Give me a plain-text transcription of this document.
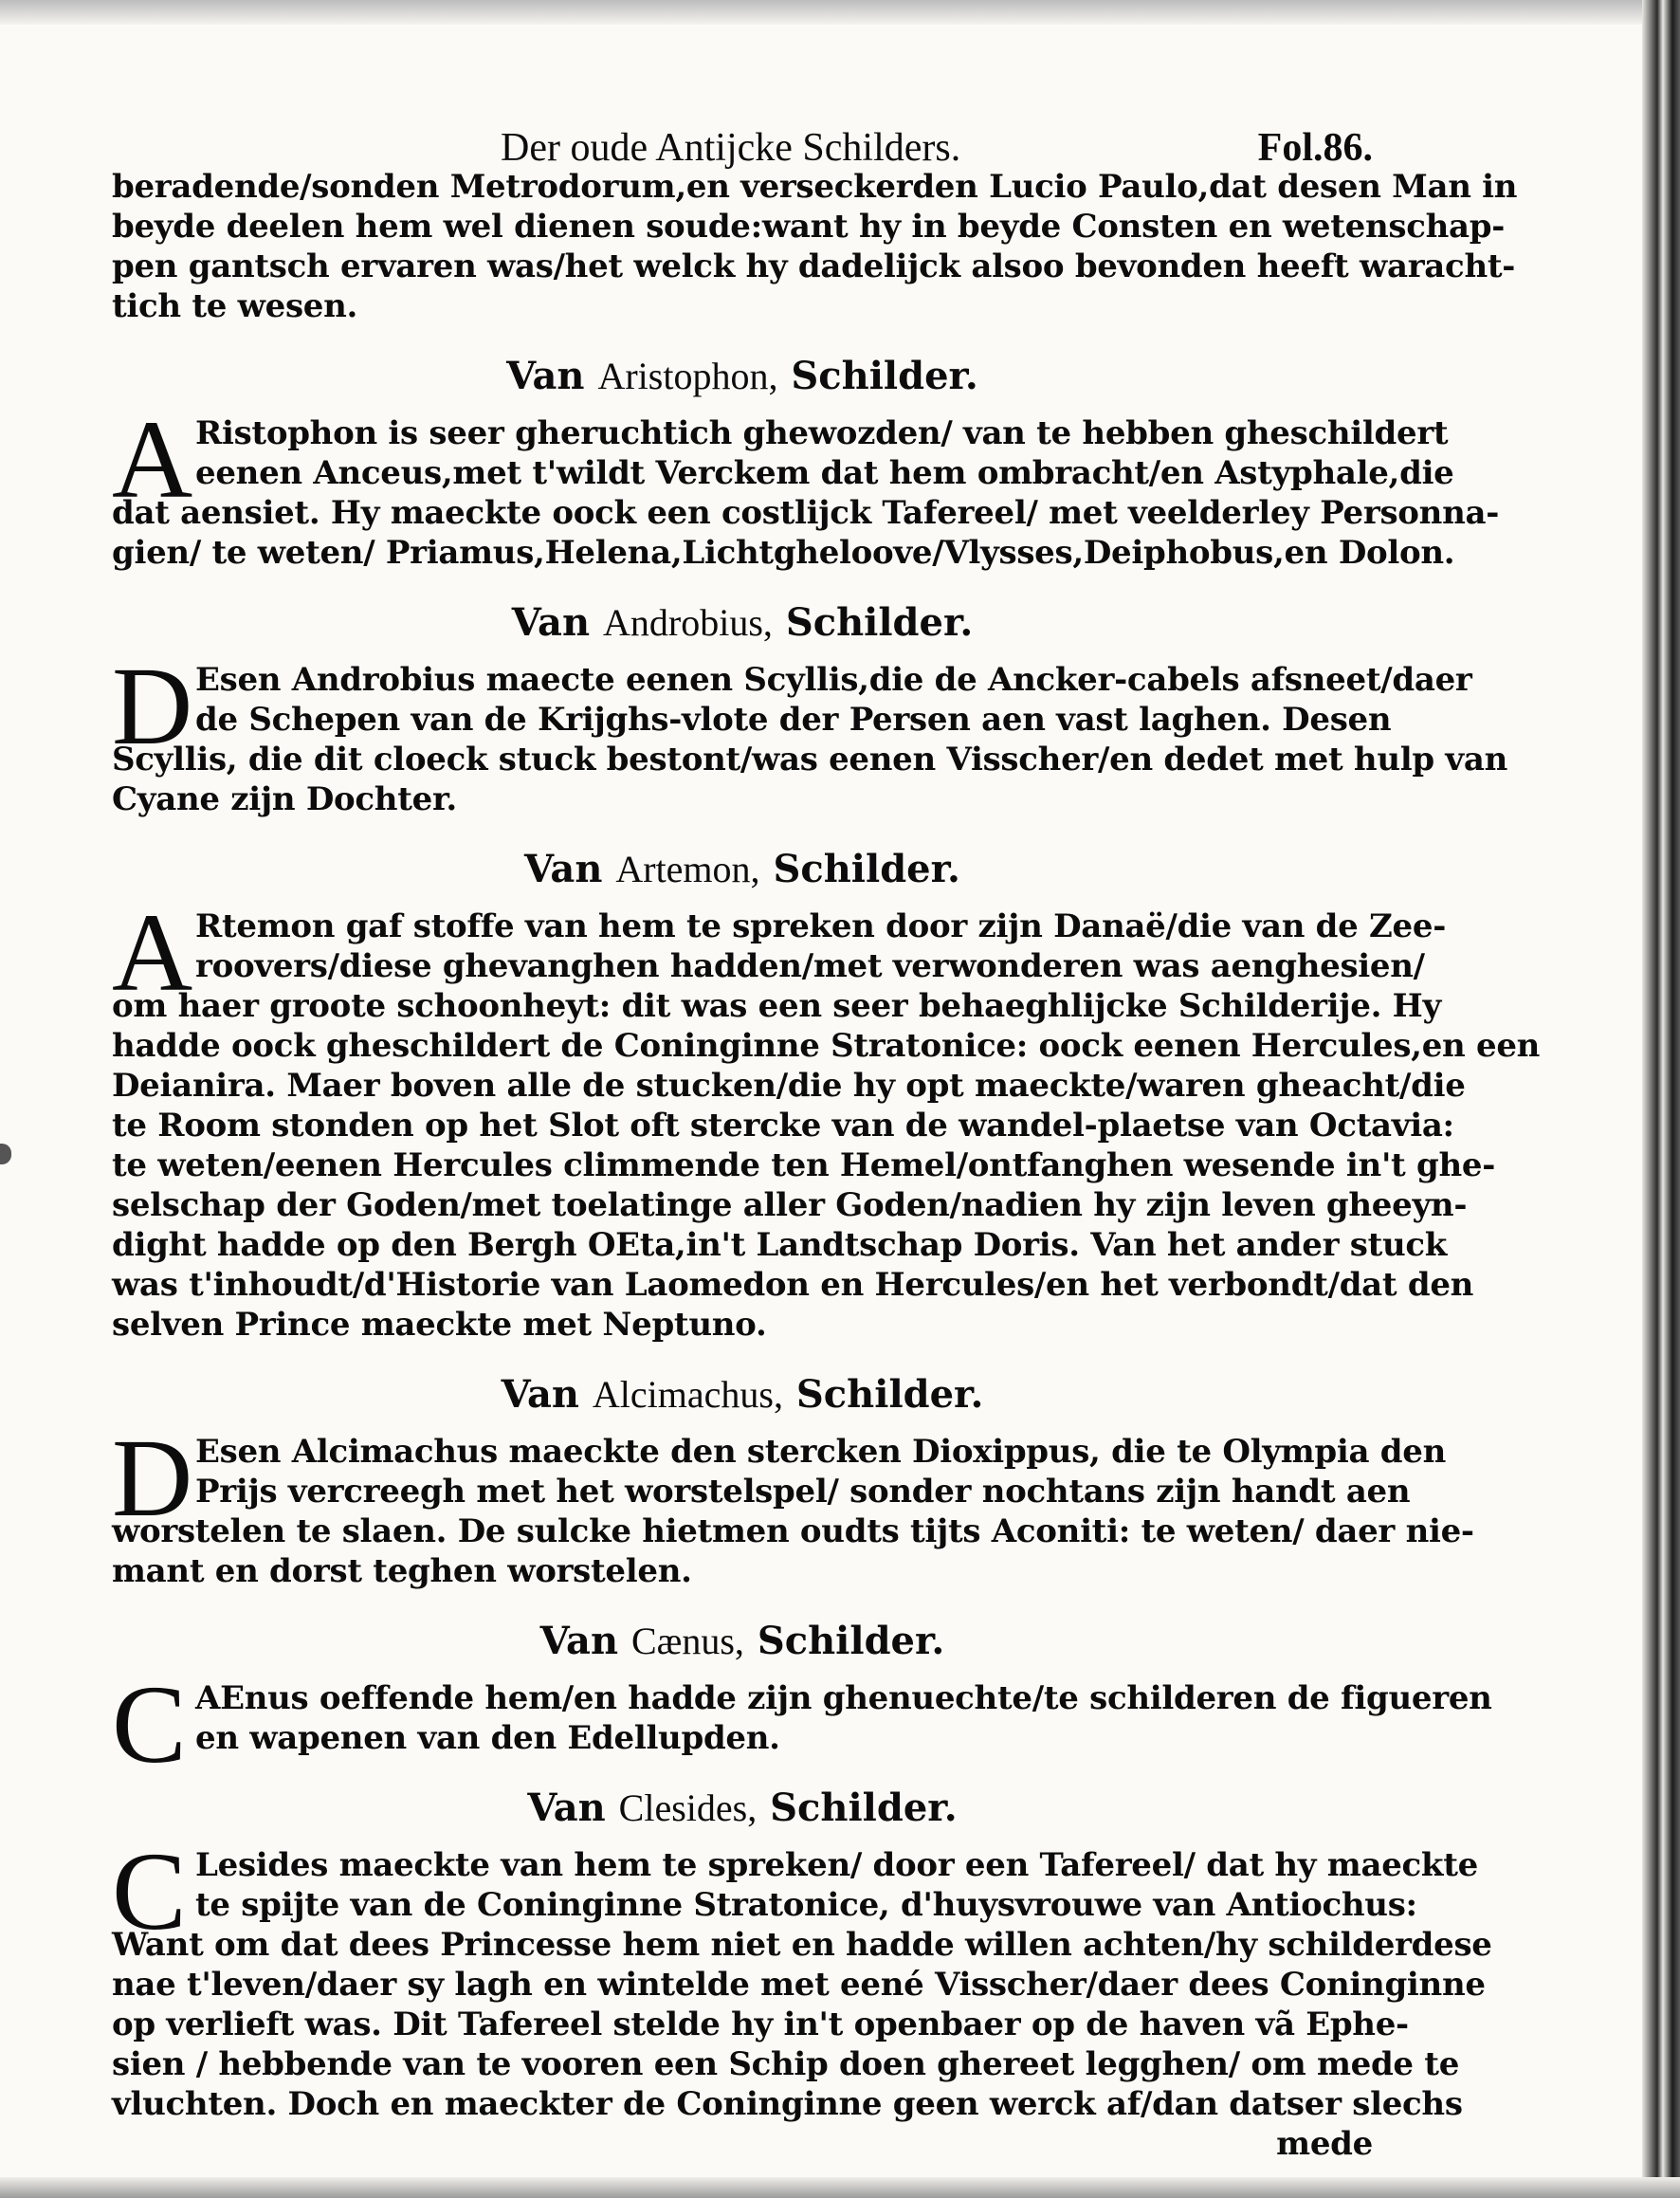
Der oude Antijcke Schilders.	Fol.86.
beradende/sonden Metrodorum,en verseckerden Lucio Paulo,dat desen Man in
beyde deelen hem wel dienen soude:want hy in beyde Consten en wetenschap-
pen gantsch ervaren was/het welck hy dadelijck alsoo bevonden heeft waracht-
tich te wesen.
Van Aristophon, Schilder.
A Ristophon is seer gheruchtich ghewozden/ van te hebben gheschildert
eenen Anceus,met t'wildt Verckem dat hem ombracht/en Astyphale,die
dat aensiet. Hy maeckte oock een costlijck Tafereel/ met veelderley Personna-
gien/ te weten/ Priamus,Helena,Lichtgheloove/Vlysses,Deiphobus,en Dolon.
Van Androbius, Schilder.
D Esen Androbius maecte eenen Scyllis,die de Ancker-cabels afsneet/daer
de Schepen van de Krijghs-vlote der Persen aen vast laghen. Desen
Scyllis, die dit cloeck stuck bestont/was eenen Visscher/en dedet met hulp van
Cyane zijn Dochter.
Van Artemon, Schilder.
A Rtemon gaf stoffe van hem te spreken door zijn Danaë/die van de Zee-
roovers/diese ghevanghen hadden/met verwonderen was aenghesien/
om haer groote schoonheyt: dit was een seer behaeghlijcke Schilderije. Hy
hadde oock gheschildert de Coninginne Stratonice: oock eenen Hercules,en een
Deianira. Maer boven alle de stucken/die hy opt maeckte/waren gheacht/die
te Room stonden op het Slot oft stercke van de wandel-plaetse van Octavia:
te weten/eenen Hercules climmende ten Hemel/ontfanghen wesende in't ghe-
selschap der Goden/met toelatinge aller Goden/nadien hy zijn leven gheeyn-
dight hadde op den Bergh OEta,in't Landtschap Doris. Van het ander stuck
was t'inhoudt/d'Historie van Laomedon en Hercules/en het verbondt/dat den
selven Prince maeckte met Neptuno.
Van Alcimachus, Schilder.
D Esen Alcimachus maeckte den stercken Dioxippus, die te Olympia den
Prijs vercreegh met het worstelspel/ sonder nochtans zijn handt aen
worstelen te slaen. De sulcke hietmen oudts tijts Aconiti: te weten/ daer nie-
mant en dorst teghen worstelen.
Van Cænus, Schilder.
C AEnus oeffende hem/en hadde zijn ghenuechte/te schilderen de figueren
en wapenen van den Edellupden.
Van Clesides, Schilder.
C Lesides maeckte van hem te spreken/ door een Tafereel/ dat hy maeckte
te spijte van de Coninginne Stratonice, d'huysvrouwe van Antiochus:
Want om dat dees Princesse hem niet en hadde willen achten/hy schilderdese
nae t'leven/daer sy lagh en wintelde met eené Visscher/daer dees Coninginne
op verlieft was. Dit Tafereel stelde hy in't openbaer op de haven vã Ephe-
sien / hebbende van te vooren een Schip doen ghereet legghen/ om mede te
vluchten. Doch en maeckter de Coninginne geen werck af/dan datser slechs
mede
